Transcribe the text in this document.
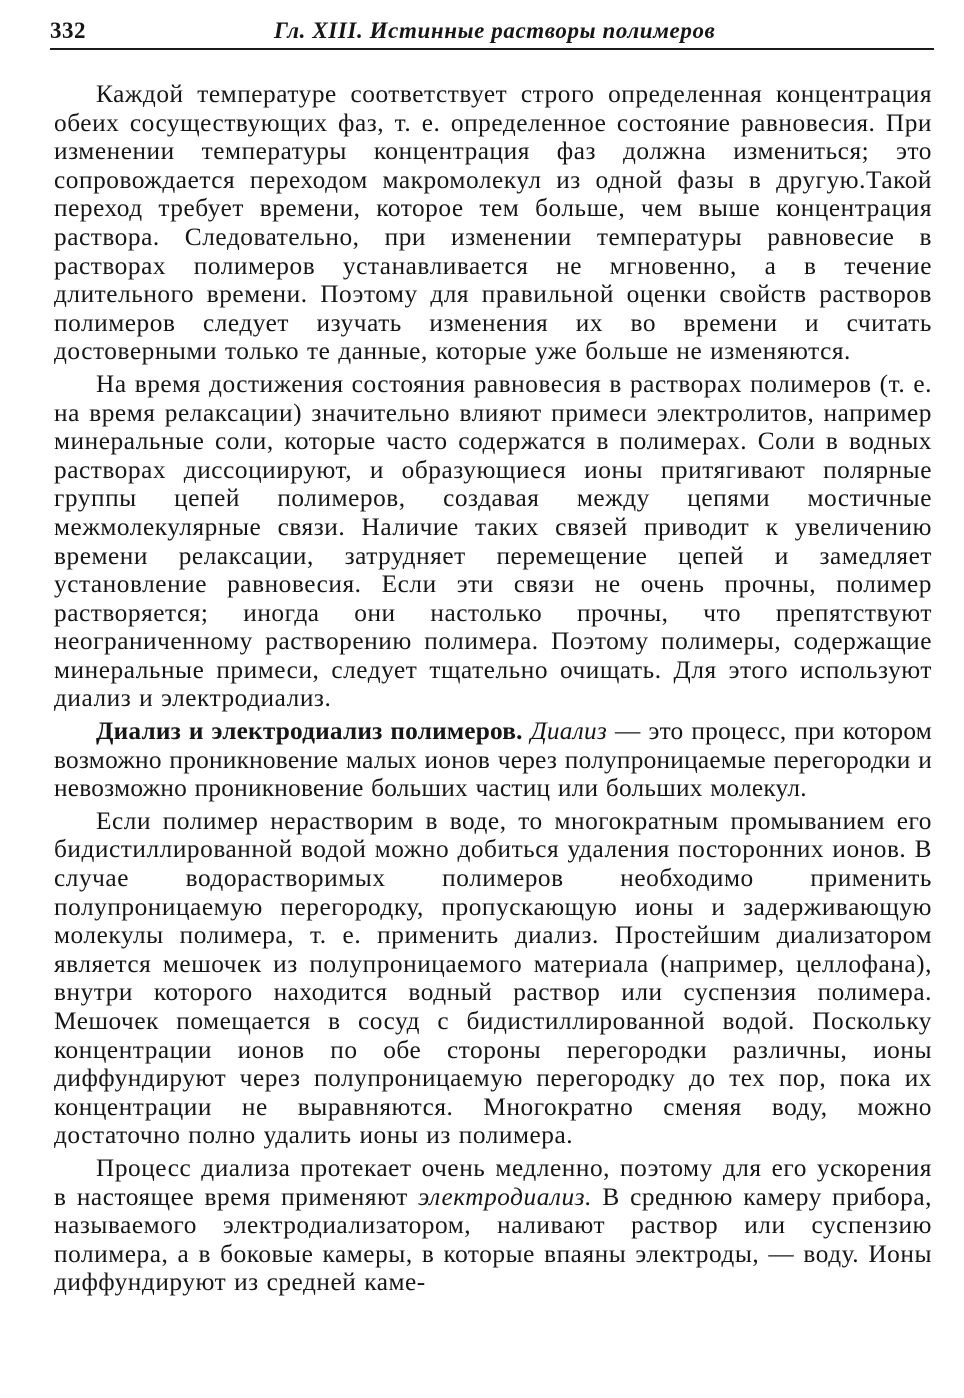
332	Гл. XIII. Истинные растворы полимеров

Каждой температуре соответствует строго определенная концентрация обеих сосуществующих фаз, т. е. определенное состояние равновесия. При изменении температуры концентрация фаз должна измениться; это сопровождается переходом макромолекул из одной фазы в другую.Такой переход требует времени, которое тем больше, чем выше концентрация раствора. Следовательно, при изменении температуры равновесие в растворах полимеров устанавливается не мгновенно, а в течение длительного времени. Поэтому для правильной оценки свойств растворов полимеров следует изучать изменения их во времени и считать достоверными только те данные, которые уже больше не изменяются.

На время достижения состояния равновесия в растворах полимеров (т. е. на время релаксации) значительно влияют примеси электролитов, например минеральные соли, которые часто содержатся в полимерах. Соли в водных растворах диссоциируют, и образующиеся ионы притягивают полярные группы цепей полимеров, создавая между цепями мостичные межмолекулярные связи. Наличие таких связей приводит к увеличению времени релаксации, затрудняет перемещение цепей и замедляет установление равновесия. Если эти связи не очень прочны, полимер растворяется; иногда они настолько прочны, что препятствуют неограниченному растворению полимера. Поэтому полимеры, содержащие минеральные примеси, следует тщательно очищать. Для этого используют диализ и электродиализ.

Диализ и электродиализ полимеров. Диализ — это процесс, при котором возможно проникновение малых ионов через полупроницаемые перегородки и невозможно проникновение больших частиц или больших молекул.

Если полимер нерастворим в воде, то многократным промыванием его бидистиллированной водой можно добиться удаления посторонних ионов. В случае водорастворимых полимеров необходимо применить полупроницаемую перегородку, пропускающую ионы и задерживающую молекулы полимера, т. е. применить диализ. Простейшим диализатором является мешочек из полупроницаемого материала (например, целлофана), внутри которого находится водный раствор или суспензия полимера. Мешочек помещается в сосуд с бидистиллированной водой. Поскольку концентрации ионов по обе стороны перегородки различны, ионы диффундируют через полупроницаемую перегородку до тех пор, пока их концентрации не выравняются. Многократно сменяя воду, можно достаточно полно удалить ионы из полимера.

Процесс диализа протекает очень медленно, поэтому для его ускорения в настоящее время применяют электродиализ. В среднюю камеру прибора, называемого электродиализатором, наливают раствор или суспензию полимера, а в боковые камеры, в которые впаяны электроды, — воду. Ионы диффундируют из средней каме-
